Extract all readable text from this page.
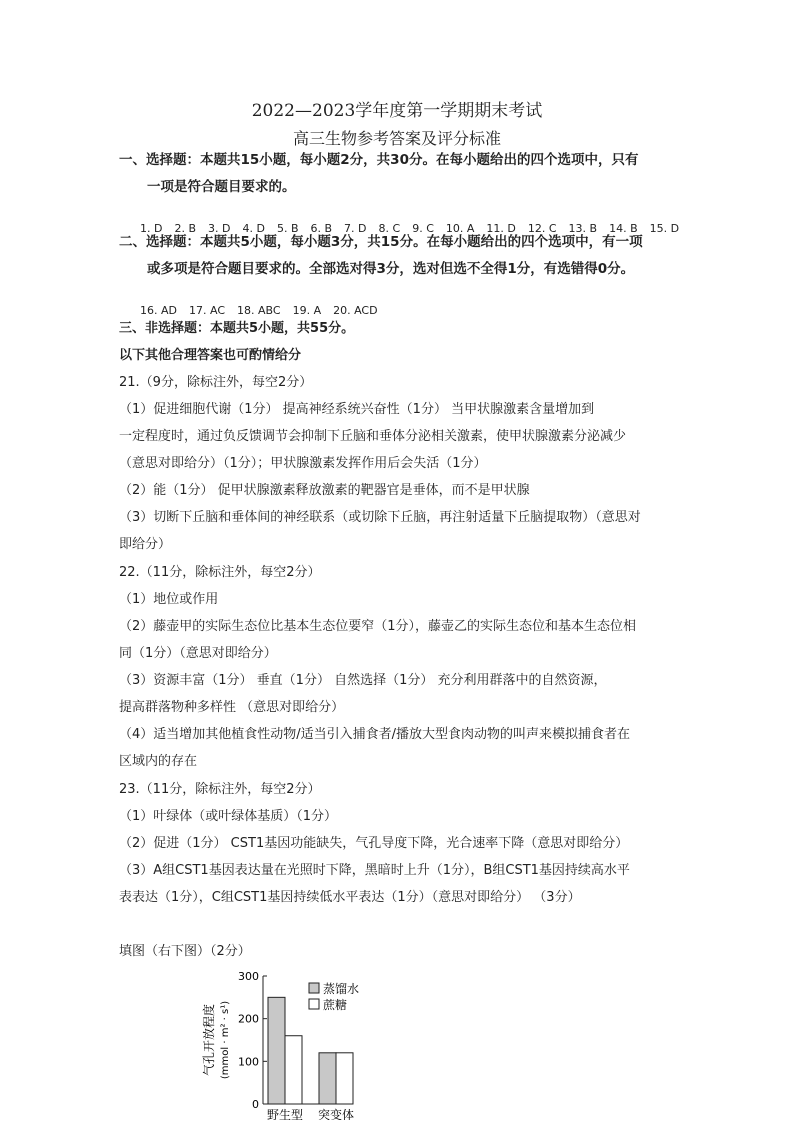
2022—2023学年度第一学期期末考试
高三生物参考答案及评分标准
一、选择题：本题共15小题，每小题2分，共30分。在每小题给出的四个选项中，只有
一项是符合题目要求的。

1. D 2. B 3. D 4. D 5. B 6. B 7. D 8. C 9. C 10. A 11. D 12. C 13. B 14. B 15. D

二、选择题：本题共5小题，每小题3分，共15分。在每小题给出的四个选项中，有一项
或多项是符合题目要求的。全部选对得3分，选对但选不全得1分，有选错得0分。

16. AD 17. AC 18. ABC 19. A 20. ACD

三、非选择题：本题共5小题，共55分。
以下其他合理答案也可酌情给分
21.（9分，除标注外，每空2分）
（1）促进细胞代谢（1分） 提高神经系统兴奋性（1分） 当甲状腺激素含量增加到
一定程度时，通过负反馈调节会抑制下丘脑和垂体分泌相关激素，使甲状腺激素分泌减少
（意思对即给分）（1分）；甲状腺激素发挥作用后会失活（1分）
（2）能（1分） 促甲状腺激素释放激素的靶器官是垂体，而不是甲状腺
（3）切断下丘脑和垂体间的神经联系（或切除下丘脑，再注射适量下丘脑提取物）（意思对
即给分）
22.（11分，除标注外，每空2分）
（1）地位或作用
（2）藤壶甲的实际生态位比基本生态位要窄（1分），藤壶乙的实际生态位和基本生态位相
同（1分）（意思对即给分）
（3）资源丰富（1分） 垂直（1分） 自然选择（1分） 充分利用群落中的自然资源，
提高群落物种多样性 （意思对即给分）
（4）适当增加其他植食性动物/适当引入捕食者/播放大型食肉动物的叫声来模拟捕食者在
区域内的存在
23.（11分，除标注外，每空2分）
（1）叶绿体（或叶绿体基质）（1分）
（2）促进（1分） CST1基因功能缺失，气孔导度下降，光合速率下降（意思对即给分）
（3）A组CST1基因表达量在光照时下降，黑暗时上升（1分），B组CST1基因持续高水平
表表达（1分），C组CST1基因持续低水平表达（1分）（意思对即给分） （3分）
填图（右下图）（2分）
气孔开放程度 (mmol · m² · s¹)
0
100
200
300
野生型 突变体
蒸馏水
蔗糖
